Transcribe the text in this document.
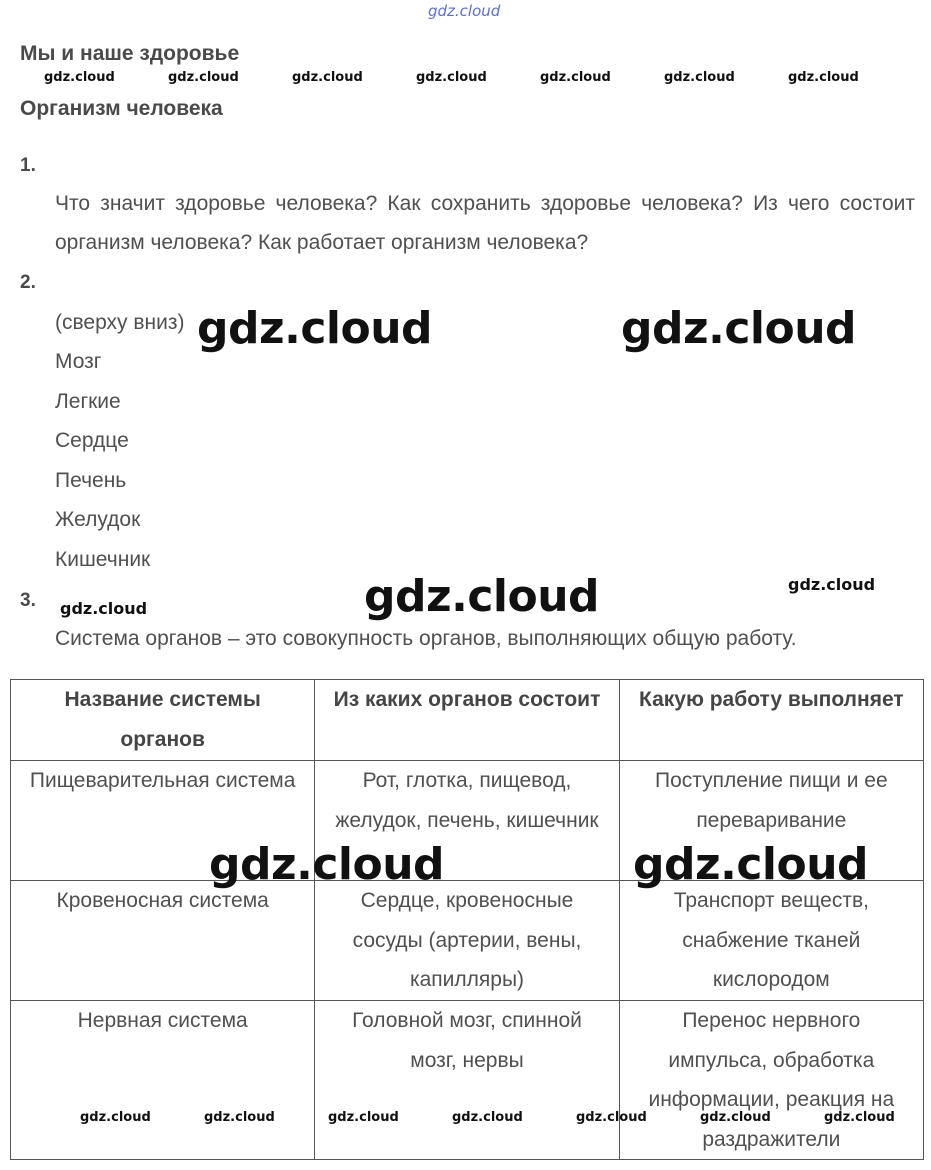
gdz.cloud
Мы и наше здоровье
gdz.cloud	gdz.cloud	gdz.cloud	gdz.cloud	gdz.cloud	gdz.cloud	gdz.cloud
Организм человека
1.
Что значит здоровье человека? Как сохранить здоровье человека? Из чего состоит организм человека? Как работает организм человека?
2.
(сверху вниз)
Мозг
Легкие
Сердце
Печень
Желудок
Кишечник
gdz.cloud	gdz.cloud
3. gdz.cloud	gdz.cloud	gdz.cloud
Система органов – это совокупность органов, выполняющих общую работу.
Название системы органов	Из каких органов состоит	Какую работу выполняет
Пищеварительная система	Рот, глотка, пищевод, желудок, печень, кишечник	Поступление пищи и ее переваривание
Кровеносная система	Сердце, кровеносные сосуды (артерии, вены, капилляры)	Транспорт веществ, снабжение тканей кислородом
Нервная система	Головной мозг, спинной мозг, нервы	Перенос нервного импульса, обработка информации, реакция на раздражители
gdz.cloud	gdz.cloud
gdz.cloud	gdz.cloud	gdz.cloud	gdz.cloud	gdz.cloud	gdz.cloud	gdz.cloud
